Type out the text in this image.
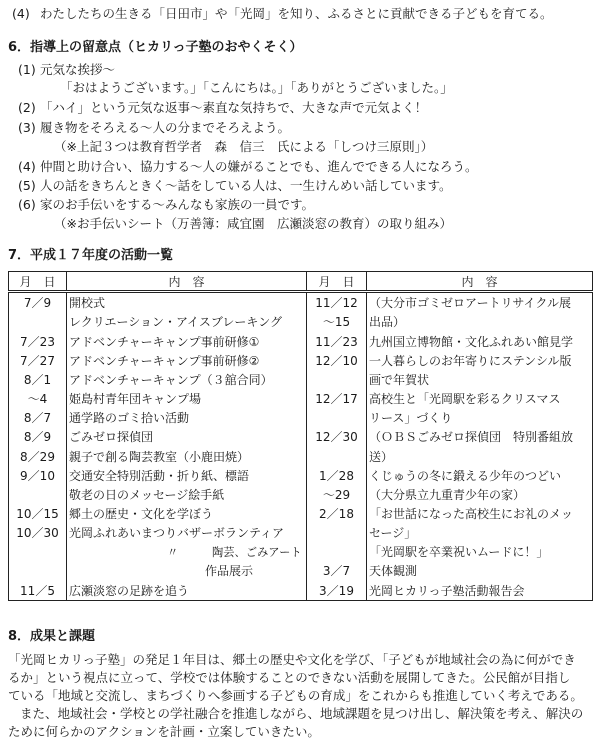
(4) わたしたちの生きる「日田市」や「光岡」を知り、ふるさとに貢献できる子どもを育てる。
6．指導上の留意点（ヒカリっ子塾のおやくそく）
(1) 元気な挨拶～
「おはようございます。」「こんにちは。」「ありがとうございました。」
(2) 「ハイ」という元気な返事～素直な気持ちで、大きな声で元気よく！
(3) 履き物をそろえる～人の分までそろえよう。
（※上記３つは教育哲学者　森　信三　氏による「しつけ三原則」）
(4) 仲間と助け合い、協力する～人の嫌がることでも、進んでできる人になろう。
(5) 人の話をきちんときく～話をしている人は、一生けんめい話しています。
(6) 家のお手伝いをする～みんなも家族の一員です。
（※お手伝いシート（万善簿：咸宜園　広瀬淡窓の教育）の取り組み）
7．平成１７年度の活動一覧
月　日	内　容	月　日	内　容
7／9	開校式	11／12	（大分市ゴミゼロアートリサイクル展
	レクリエーション・アイスブレーキング	～15	出品）
7／23	アドベンチャーキャンプ事前研修①	11／23	九州国立博物館・文化ふれあい館見学
7／27	アドベンチャーキャンプ事前研修②	12／10	一人暮らしのお年寄りにステンシル版
8／1	アドベンチャーキャンプ（３舘合同）		画で年賀状
～4	姫島村青年団キャンプ場	12／17	高校生と「光岡駅を彩るクリスマス
8／7	通学路のゴミ拾い活動		リース」づくり
8／9	ごみゼロ探偵団	12／30	（ＯＢＳごみゼロ探偵団　特別番組放
8／29	親子で創る陶芸教室（小鹿田焼）		送）
9／10	交通安全特別活動・折り紙、標語	1／28	くじゅうの冬に鍛える少年のつどい
	敬老の日のメッセージ絵手紙	～29	（大分県立九重青少年の家）
10／15	郷土の歴史・文化を学ぼう	2／18	「お世話になった高校生にお礼のメッ
10／30	光岡ふれあいまつりバザーボランティア		セージ」
	〃　　　陶芸、ごみアート		「光岡駅を卒業祝いムードに！」
	作品展示	3／7	天体観測
11／5	広瀬淡窓の足跡を追う	3／19	光岡ヒカリっ子塾活動報告会
8．成果と課題
「光岡ヒカリっ子塾」の発足１年目は、郷土の歴史や文化を学び、「子どもが地域社会の為に何ができ
るか」という視点に立って、学校では体験することのできない活動を展開してきた。公民館が目指し
ている「地域と交流し、まちづくりへ参画する子どもの育成」をこれからも推進していく考えである。
また、地域社会・学校との学社融合を推進しながら、地域課題を見つけ出し、解決策を考え、解決の
ために何らかのアクションを計画・立案していきたい。
